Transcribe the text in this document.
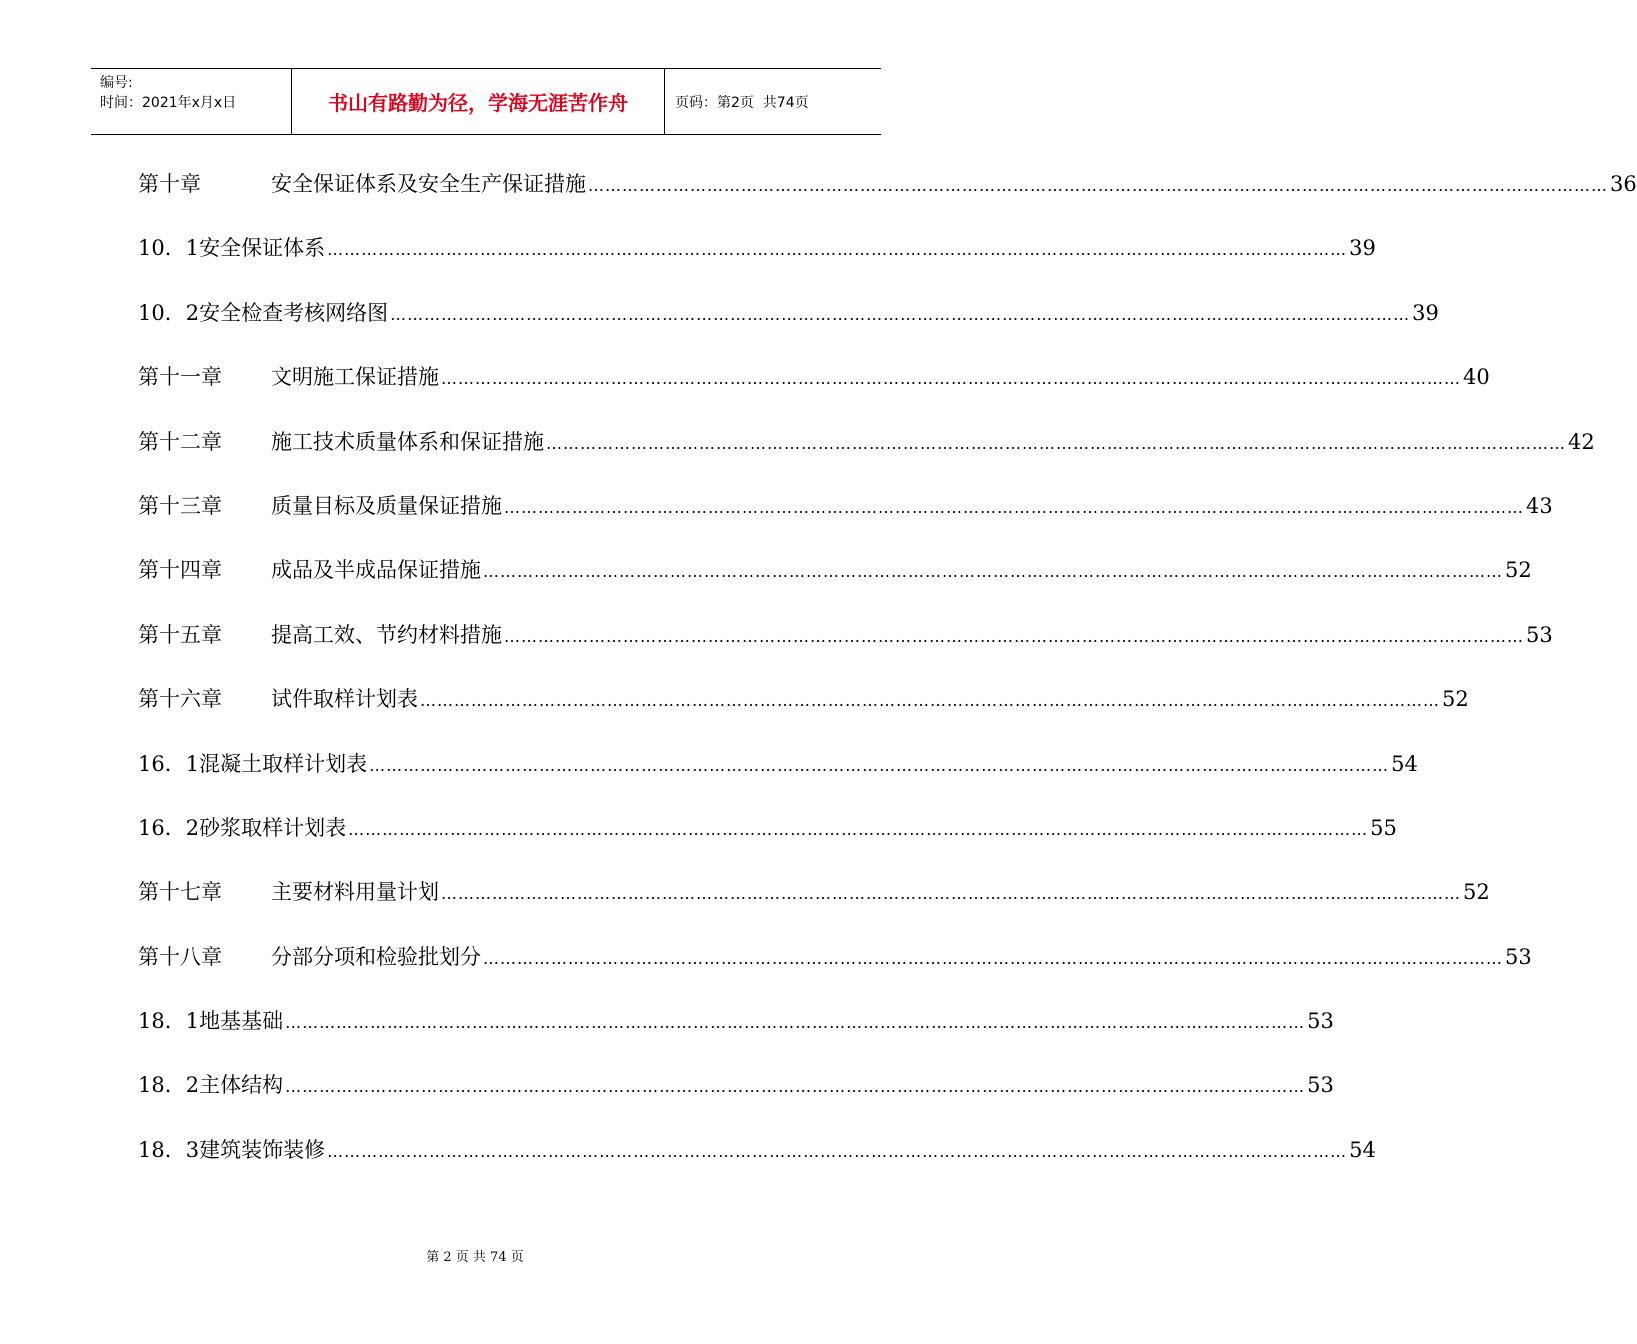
编号:
时间：2021年x月x日	书山有路勤为径，学海无涯苦作舟	页码：第2页  共74页
第十章	安全保证体系及安全生产保证措施 ……………………………………………………………………………………………………………………………………………………………… 36
10．1 安全保证体系 ……………………………………………………………………………………………………………………………………………………………… 39
10．2 安全检查考核网络图 ……………………………………………………………………………………………………………………………………………………………… 39
第十一章	文明施工保证措施 ……………………………………………………………………………………………………………………………………………………………… 40
第十二章	施工技术质量体系和保证措施 ……………………………………………………………………………………………………………………………………………………………… 42
第十三章	质量目标及质量保证措施 ……………………………………………………………………………………………………………………………………………………………… 43
第十四章	成品及半成品保证措施 ……………………………………………………………………………………………………………………………………………………………… 52
第十五章	提高工效、节约材料措施 ……………………………………………………………………………………………………………………………………………………………… 53
第十六章	试件取样计划表 ……………………………………………………………………………………………………………………………………………………………… 52
16．1 混凝土取样计划表 ……………………………………………………………………………………………………………………………………………………………… 54
16．2 砂浆取样计划表 ……………………………………………………………………………………………………………………………………………………………… 55
第十七章	主要材料用量计划 ……………………………………………………………………………………………………………………………………………………………… 52
第十八章	分部分项和检验批划分 ……………………………………………………………………………………………………………………………………………………………… 53
18．1 地基基础 ……………………………………………………………………………………………………………………………………………………………… 53
18．2 主体结构 ……………………………………………………………………………………………………………………………………………………………… 53
18．3 建筑装饰装修 ……………………………………………………………………………………………………………………………………………………………… 54
第 2 页 共 74 页
